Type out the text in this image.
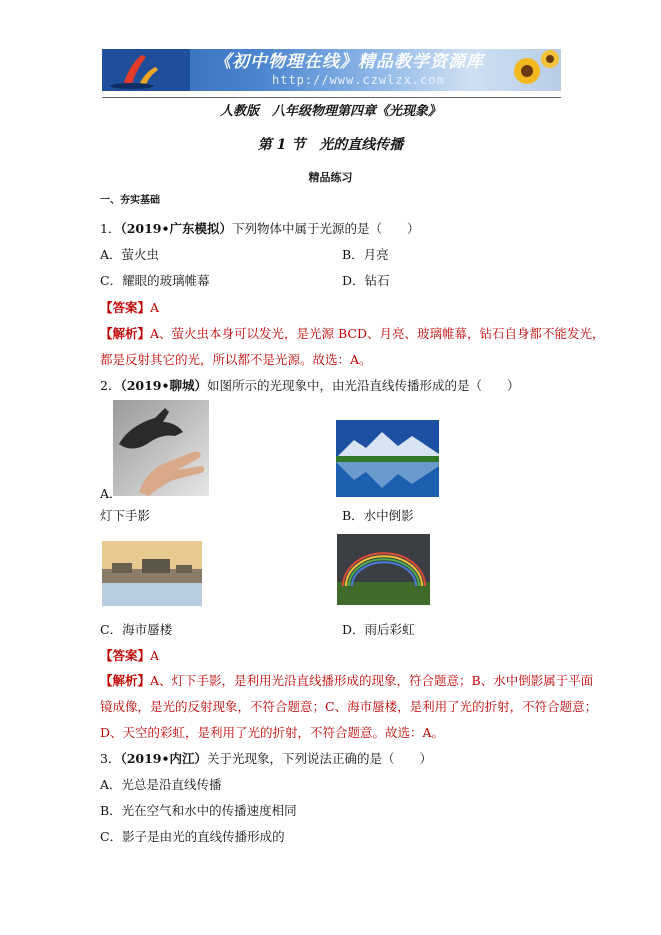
《初中物理在线》精品教学资源库
http://www.czwlzx.com
人教版　八年级物理第四章《光现象》
第 1 节　光的直线传播
精品练习
一、夯实基础
1．（2019•广东模拟）下列物体中属于光源的是（　　）
A．萤火虫	B．月亮
C．耀眼的玻璃帷幕	D．钻石
【答案】A
【解析】A、萤火虫本身可以发光，是光源 BCD、月亮、玻璃帷幕，钻石自身都不能发光，
都是反射其它的光，所以都不是光源。故选：A。
2．（2019•聊城）如图所示的光现象中，由光沿直线传播形成的是（　　）
A．
灯下手影	B．水中倒影
C．海市蜃楼	D．雨后彩虹
【答案】A
【解析】A、灯下手影，是利用光沿直线播形成的现象，符合题意；B、水中倒影属于平面
镜成像，是光的反射现象，不符合题意；C、海市蜃楼，是利用了光的折射，不符合题意；
D、天空的彩虹，是利用了光的折射，不符合题意。故选：A。
3．（2019•内江）关于光现象，下列说法正确的是（　　）
A．光总是沿直线传播
B．光在空气和水中的传播速度相同
C．影子是由光的直线传播形成的
